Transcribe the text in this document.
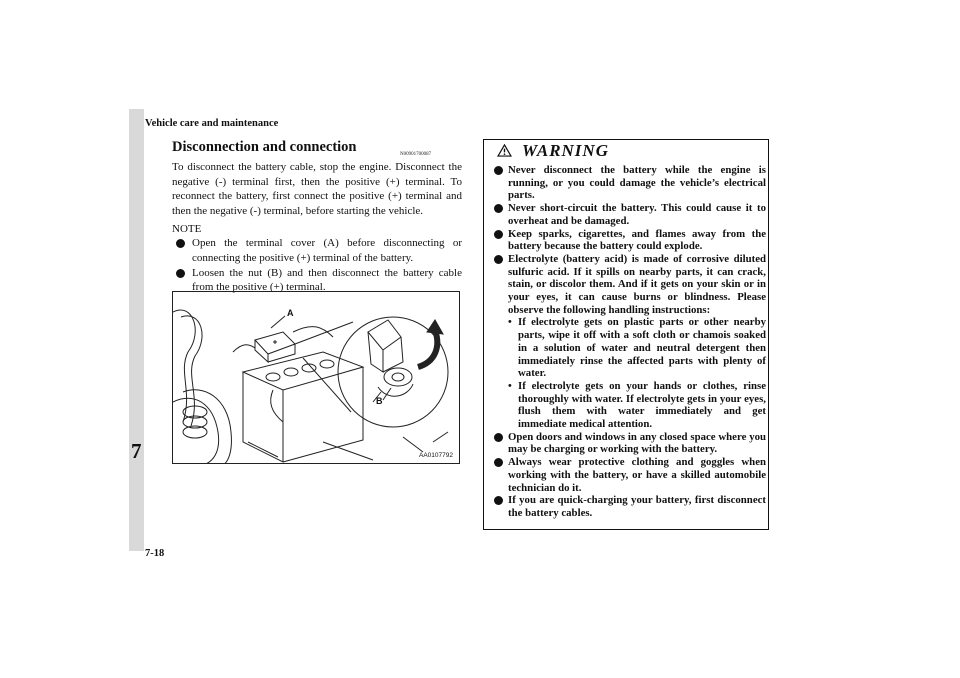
7
Vehicle care and maintenance
7-18
Disconnection and connection	N00901700087

To disconnect the battery cable, stop the engine. Disconnect the negative (-) terminal first, then the positive (+) terminal. To reconnect the battery, first connect the positive (+) terminal and then the negative (-) terminal, before starting the vehicle.

NOTE
Open the terminal cover (A) before disconnecting or connecting the positive (+) terminal of the battery.
Loosen the nut (B) and then disconnect the battery cable from the positive (+) terminal.
A
B
AA0107792
WARNING
Never disconnect the battery while the engine is running, or you could damage the vehicle’s electrical parts.
Never short-circuit the battery. This could cause it to overheat and be damaged.
Keep sparks, cigarettes, and flames away from the battery because the battery could explode.
Electrolyte (battery acid) is made of corrosive diluted sulfuric acid. If it spills on nearby parts, it can crack, stain, or discolor them. And if it gets on your skin or in your eyes, it can cause burns or blindness. Please observe the following handling instructions:
• If electrolyte gets on plastic parts or other nearby parts, wipe it off with a soft cloth or chamois soaked in a solution of water and neutral detergent then immediately rinse the affected parts with plenty of water.
• If electrolyte gets on your hands or clothes, rinse thoroughly with water. If electrolyte gets in your eyes, flush them with water immediately and get immediate medical attention.
Open doors and windows in any closed space where you may be charging or working with the battery.
Always wear protective clothing and goggles when working with the battery, or have a skilled automobile technician do it.
If you are quick-charging your battery, first disconnect the battery cables.
